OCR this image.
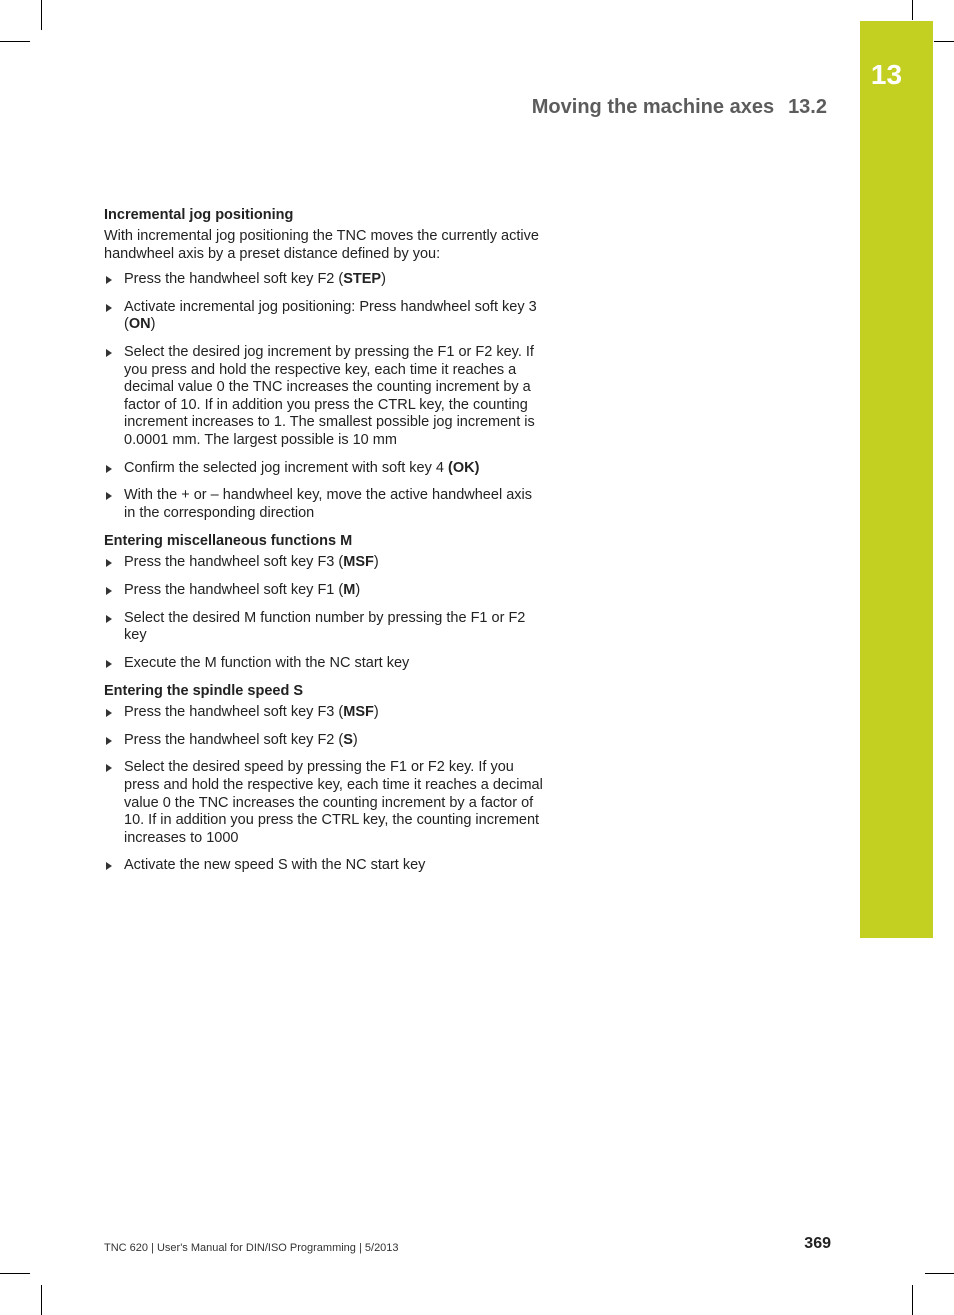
13
Moving the machine axes 13.2
Incremental jog positioning

With incremental jog positioning the TNC moves the currently active handwheel axis by a preset distance defined by you:

Press the handwheel soft key F2 (STEP)
Activate incremental jog positioning: Press handwheel soft key 3 (ON)
Select the desired jog increment by pressing the F1 or F2 key. If you press and hold the respective key, each time it reaches a decimal value 0 the TNC increases the counting increment by a factor of 10. If in addition you press the CTRL key, the counting increment increases to 1. The smallest possible jog increment is 0.0001 mm. The largest possible is 10 mm
Confirm the selected jog increment with soft key 4 (OK)
With the + or – handwheel key, move the active handwheel axis in the corresponding direction
Entering miscellaneous functions M
Press the handwheel soft key F3 (MSF)
Press the handwheel soft key F1 (M)
Select the desired M function number by pressing the F1 or F2 key
Execute the M function with the NC start key
Entering the spindle speed S
Press the handwheel soft key F3 (MSF)
Press the handwheel soft key F2 (S)
Select the desired speed by pressing the F1 or F2 key. If you press and hold the respective key, each time it reaches a decimal value 0 the TNC increases the counting increment by a factor of 10. If in addition you press the CTRL key, the counting increment increases to 1000
Activate the new speed S with the NC start key
TNC 620 | User's Manual for DIN/ISO Programming | 5/2013	369
